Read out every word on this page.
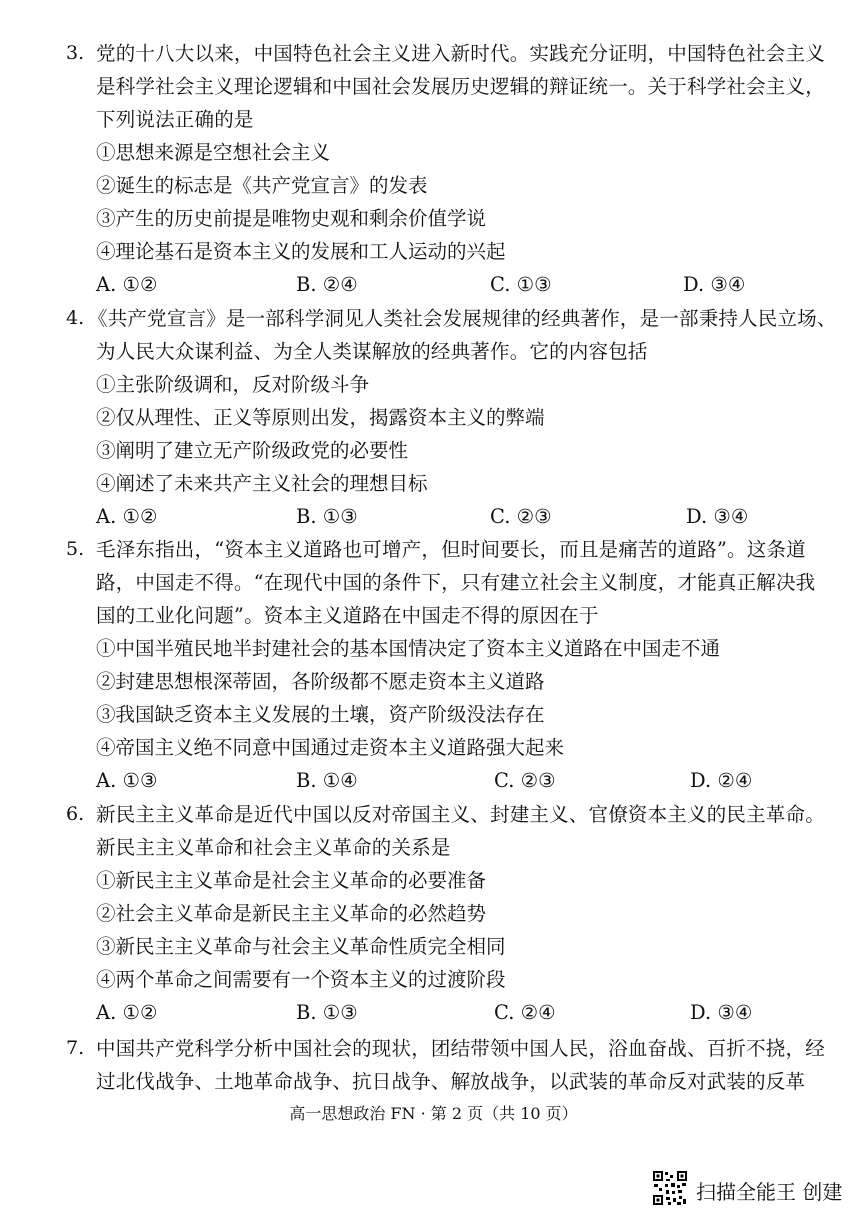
3. 党的十八大以来，中国特色社会主义进入新时代。实践充分证明，中国特色社会主义
是科学社会主义理论逻辑和中国社会发展历史逻辑的辩证统一。关于科学社会主义，
下列说法正确的是
①思想来源是空想社会主义
②诞生的标志是《共产党宣言》的发表
③产生的历史前提是唯物史观和剩余价值学说
④理论基石是资本主义的发展和工人运动的兴起
A. ①②	B. ②④	C. ①③	D. ③④
4. 《共产党宣言》是一部科学洞见人类社会发展规律的经典著作，是一部秉持人民立场、
为人民大众谋利益、为全人类谋解放的经典著作。它的内容包括
①主张阶级调和，反对阶级斗争
②仅从理性、正义等原则出发，揭露资本主义的弊端
③阐明了建立无产阶级政党的必要性
④阐述了未来共产主义社会的理想目标
A. ①②	B. ①③	C. ②③	D. ③④
5. 毛泽东指出，“资本主义道路也可增产，但时间要长，而且是痛苦的道路”。这条道
路，中国走不得。“在现代中国的条件下，只有建立社会主义制度，才能真正解决我
国的工业化问题”。资本主义道路在中国走不得的原因在于
①中国半殖民地半封建社会的基本国情决定了资本主义道路在中国走不通
②封建思想根深蒂固，各阶级都不愿走资本主义道路
③我国缺乏资本主义发展的土壤，资产阶级没法存在
④帝国主义绝不同意中国通过走资本主义道路强大起来
A. ①③	B. ①④	C. ②③	D. ②④
6. 新民主主义革命是近代中国以反对帝国主义、封建主义、官僚资本主义的民主革命。
新民主主义革命和社会主义革命的关系是
①新民主主义革命是社会主义革命的必要准备
②社会主义革命是新民主主义革命的必然趋势
③新民主主义革命与社会主义革命性质完全相同
④两个革命之间需要有一个资本主义的过渡阶段
A. ①②	B. ①③	C. ②④	D. ③④
7. 中国共产党科学分析中国社会的现状，团结带领中国人民，浴血奋战、百折不挠，经
过北伐战争、土地革命战争、抗日战争、解放战争，以武装的革命反对武装的反革
高一思想政治 FN · 第 2 页（共 10 页）
扫描全能王 创建
